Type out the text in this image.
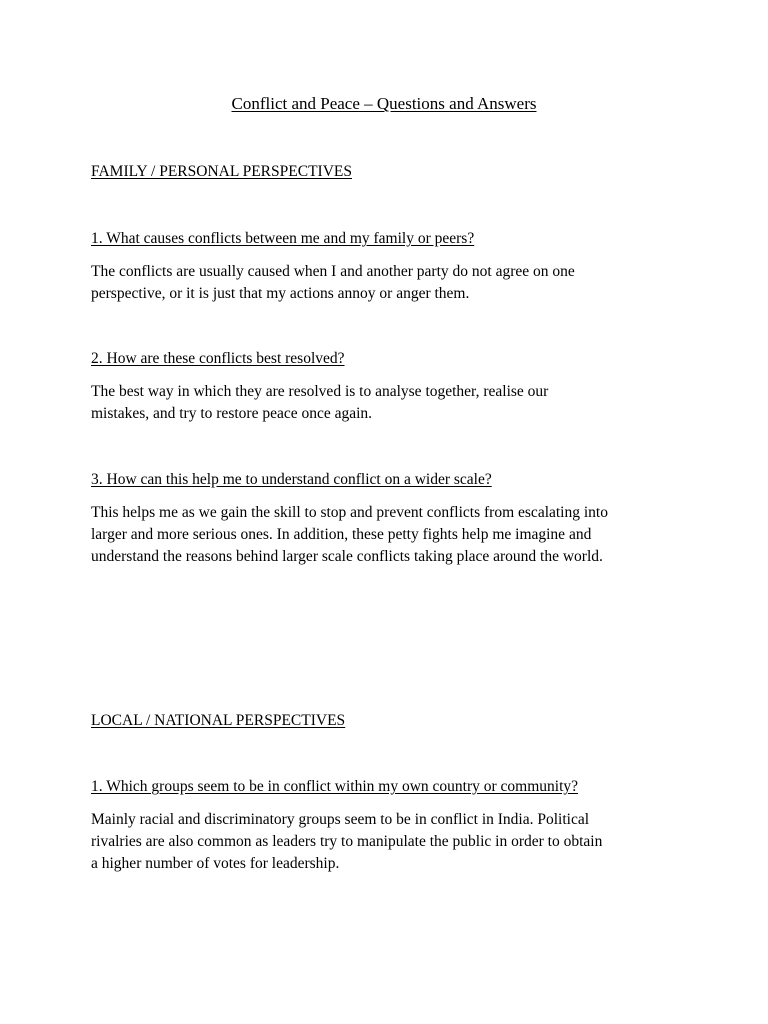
Conflict and Peace – Questions and Answers
FAMILY / PERSONAL PERSPECTIVES
1. What causes conflicts between me and my family or peers?
The conflicts are usually caused when I and another party do not agree on one
perspective, or it is just that my actions annoy or anger them.
2. How are these conflicts best resolved?
The best way in which they are resolved is to analyse together, realise our
mistakes, and try to restore peace once again.
3. How can this help me to understand conflict on a wider scale?
This helps me as we gain the skill to stop and prevent conflicts from escalating into
larger and more serious ones. In addition, these petty fights help me imagine and
understand the reasons behind larger scale conflicts taking place around the world.
LOCAL / NATIONAL PERSPECTIVES
1. Which groups seem to be in conflict within my own country or community?
Mainly racial and discriminatory groups seem to be in conflict in India. Political
rivalries are also common as leaders try to manipulate the public in order to obtain
a higher number of votes for leadership.
